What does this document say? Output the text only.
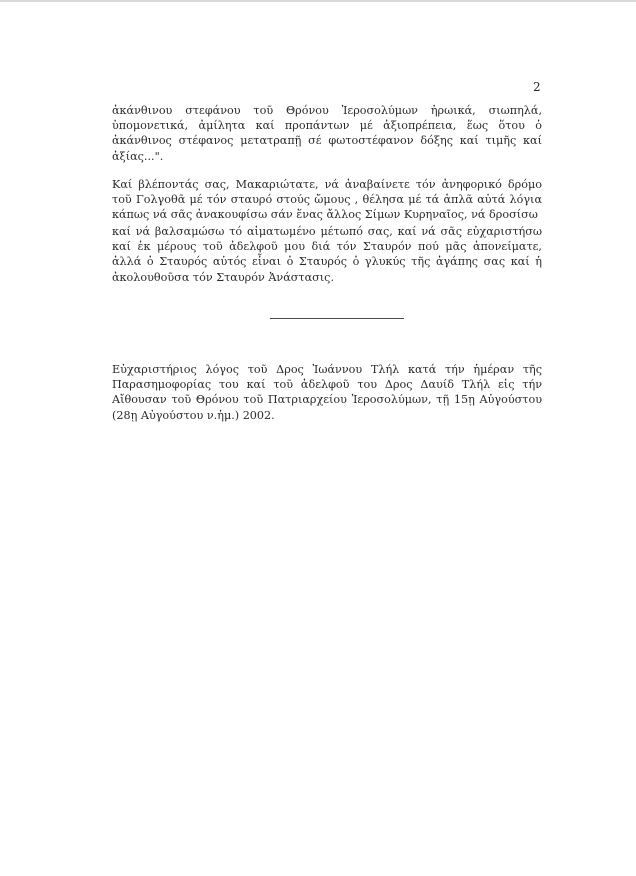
2

ἀκάνθινου στεφάνου τοῦ Θρόνου Ἱεροσολύμων ἡρωικά, σιωπηλά, ὑπομονετικά, ἀμίλητα καί προπάντων μέ ἀξιοπρέπεια, ἕως ὅτου ὁ ἀκάνθινος στέφανος μετατραπῇ σέ φωτοστέφανον δόξης καί τιμῆς καί ἀξίας...".

Καί βλέποντάς σας, Μακαριώτατε, νά ἀναβαίνετε τόν ἀνηφορικό δρόμο τοῦ Γολγοθᾶ μέ τόν σταυρό στούς ὤμους , θέλησα μέ τά ἁπλᾶ αὐτά λόγια κάπως νά σᾶς ἀνακουφίσω σάν ἕνας ἄλλος Σίμων Κυρηναῖος, νά δροσίσω

καί νά βαλσαμώσω τό αἱματωμένο μέτωπό σας, καί νά σᾶς εὐχαριστήσω καί ἐκ μέρους τοῦ ἀδελφοῦ μου διά τόν Σταυρόν πού μᾶς ἀπονείματε, ἀλλά ὁ Σταυρός αὐτός εἶναι ὁ Σταυρός ὁ γλυκύς τῆς ἀγάπης σας καί ἡ ἀκολουθοῦσα τόν Σταυρόν Ἀνάστασις.

Εὐχαριστήριος λόγος τοῦ Δρος Ἰωάννου Τλήλ κατά τήν ἡμέραν τῆς Παρασημοφορίας του καί τοῦ ἀδελφοῦ του Δρος Δαυίδ Τλήλ εἰς τήν Αἴθουσαν τοῦ Θρόνου τοῦ Πατριαρχείου Ἱεροσολύμων, τῇ 15ῃ Αὐγούστου (28ῃ Αὐγούστου ν.ἡμ.) 2002.
